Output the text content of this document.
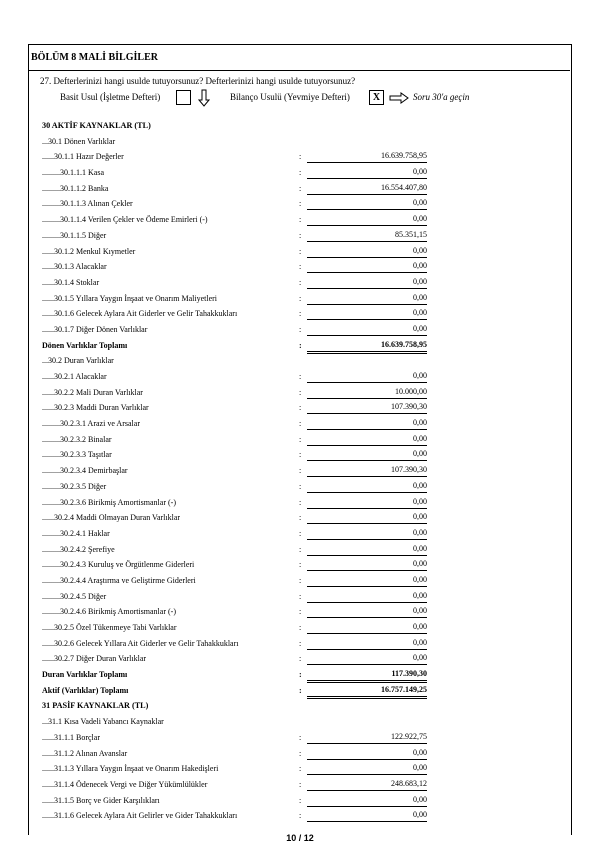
BÖLÜM 8 MALİ BİLGİLER
27. Defterlerinizi hangi usulde tutuyorsunuz? Defterlerinizi hangi usulde tutuyorsunuz?
Basit Usul (İşletme Defteri)	Bilanço Usulü (Yevmiye Defteri)	X	Soru 30'a geçin
30 AKTİF KAYNAKLAR (TL)
...30.1 Dönen Varlıklar
......30.1.1 Hazır Değerler	:	16.639.758,95
.........30.1.1.1 Kasa	:	0,00
.........30.1.1.2 Banka	:	16.554.407,80
.........30.1.1.3 Alınan Çekler	:	0,00
.........30.1.1.4 Verilen Çekler ve Ödeme Emirleri (-)	:	0,00
.........30.1.1.5 Diğer	:	85.351,15
......30.1.2 Menkul Kıymetler	:	0,00
......30.1.3 Alacaklar	:	0,00
......30.1.4 Stoklar	:	0,00
......30.1.5 Yıllara Yaygın İnşaat ve Onarım Maliyetleri	:	0,00
......30.1.6 Gelecek Aylara Ait Giderler ve Gelir Tahakkukları	:	0,00
......30.1.7 Diğer Dönen Varlıklar	:	0,00
Dönen Varlıklar Toplamı	:	16.639.758,95
...30.2 Duran Varlıklar
......30.2.1 Alacaklar	:	0,00
......30.2.2 Mali Duran Varlıklar	:	10.000,00
......30.2.3 Maddi Duran Varlıklar	:	107.390,30
.........30.2.3.1 Arazi ve Arsalar	:	0,00
.........30.2.3.2 Binalar	:	0,00
.........30.2.3.3 Taşıtlar	:	0,00
.........30.2.3.4 Demirbaşlar	:	107.390,30
.........30.2.3.5 Diğer	:	0,00
.........30.2.3.6 Birikmiş Amortismanlar (-)	:	0,00
......30.2.4 Maddi Olmayan Duran Varlıklar	:	0,00
.........30.2.4.1 Haklar	:	0,00
.........30.2.4.2 Şerefiye	:	0,00
.........30.2.4.3 Kuruluş ve Örgütlenme Giderleri	:	0,00
.........30.2.4.4 Araştırma ve Geliştirme Giderleri	:	0,00
.........30.2.4.5 Diğer	:	0,00
.........30.2.4.6 Birikmiş Amortismanlar (-)	:	0,00
......30.2.5 Özel Tükenmeye Tabi Varlıklar	:	0,00
......30.2.6 Gelecek Yıllara Ait Giderler ve Gelir Tahakkukları	:	0,00
......30.2.7 Diğer Duran Varlıklar	:	0,00
Duran Varlıklar Toplamı	:	117.390,30
Aktif (Varlıklar) Toplamı	:	16.757.149,25
31 PASİF KAYNAKLAR (TL)
...31.1 Kısa Vadeli Yabancı Kaynaklar
......31.1.1 Borçlar	:	122.922,75
......31.1.2 Alınan Avanslar	:	0,00
......31.1.3 Yıllara Yaygın İnşaat ve Onarım Hakedişleri	:	0,00
......31.1.4 Ödenecek Vergi ve Diğer Yükümlülükler	:	248.683,12
......31.1.5 Borç ve Gider Karşılıkları	:	0,00
......31.1.6 Gelecek Aylara Ait Gelirler ve Gider Tahakkukları	:	0,00
10 / 12
